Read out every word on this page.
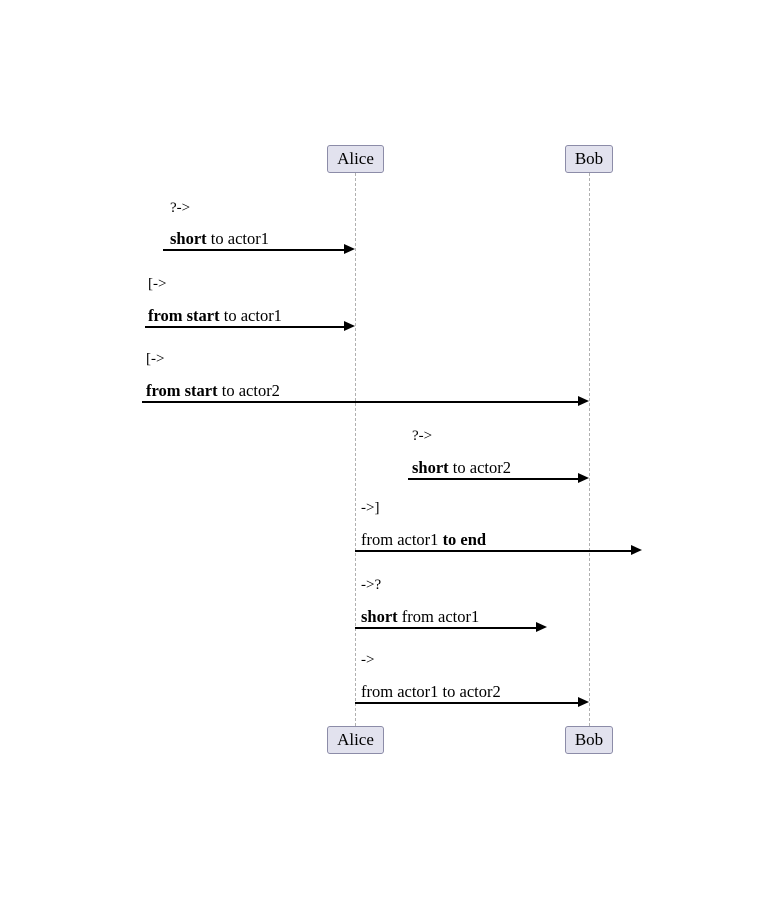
Alice	Bob
Alice	Bob
?->
short to actor1
[->
from start to actor1
[->
from start to actor2
?->
short to actor2
->]
from actor1 to end
->?
short from actor1
->
from actor1 to actor2
